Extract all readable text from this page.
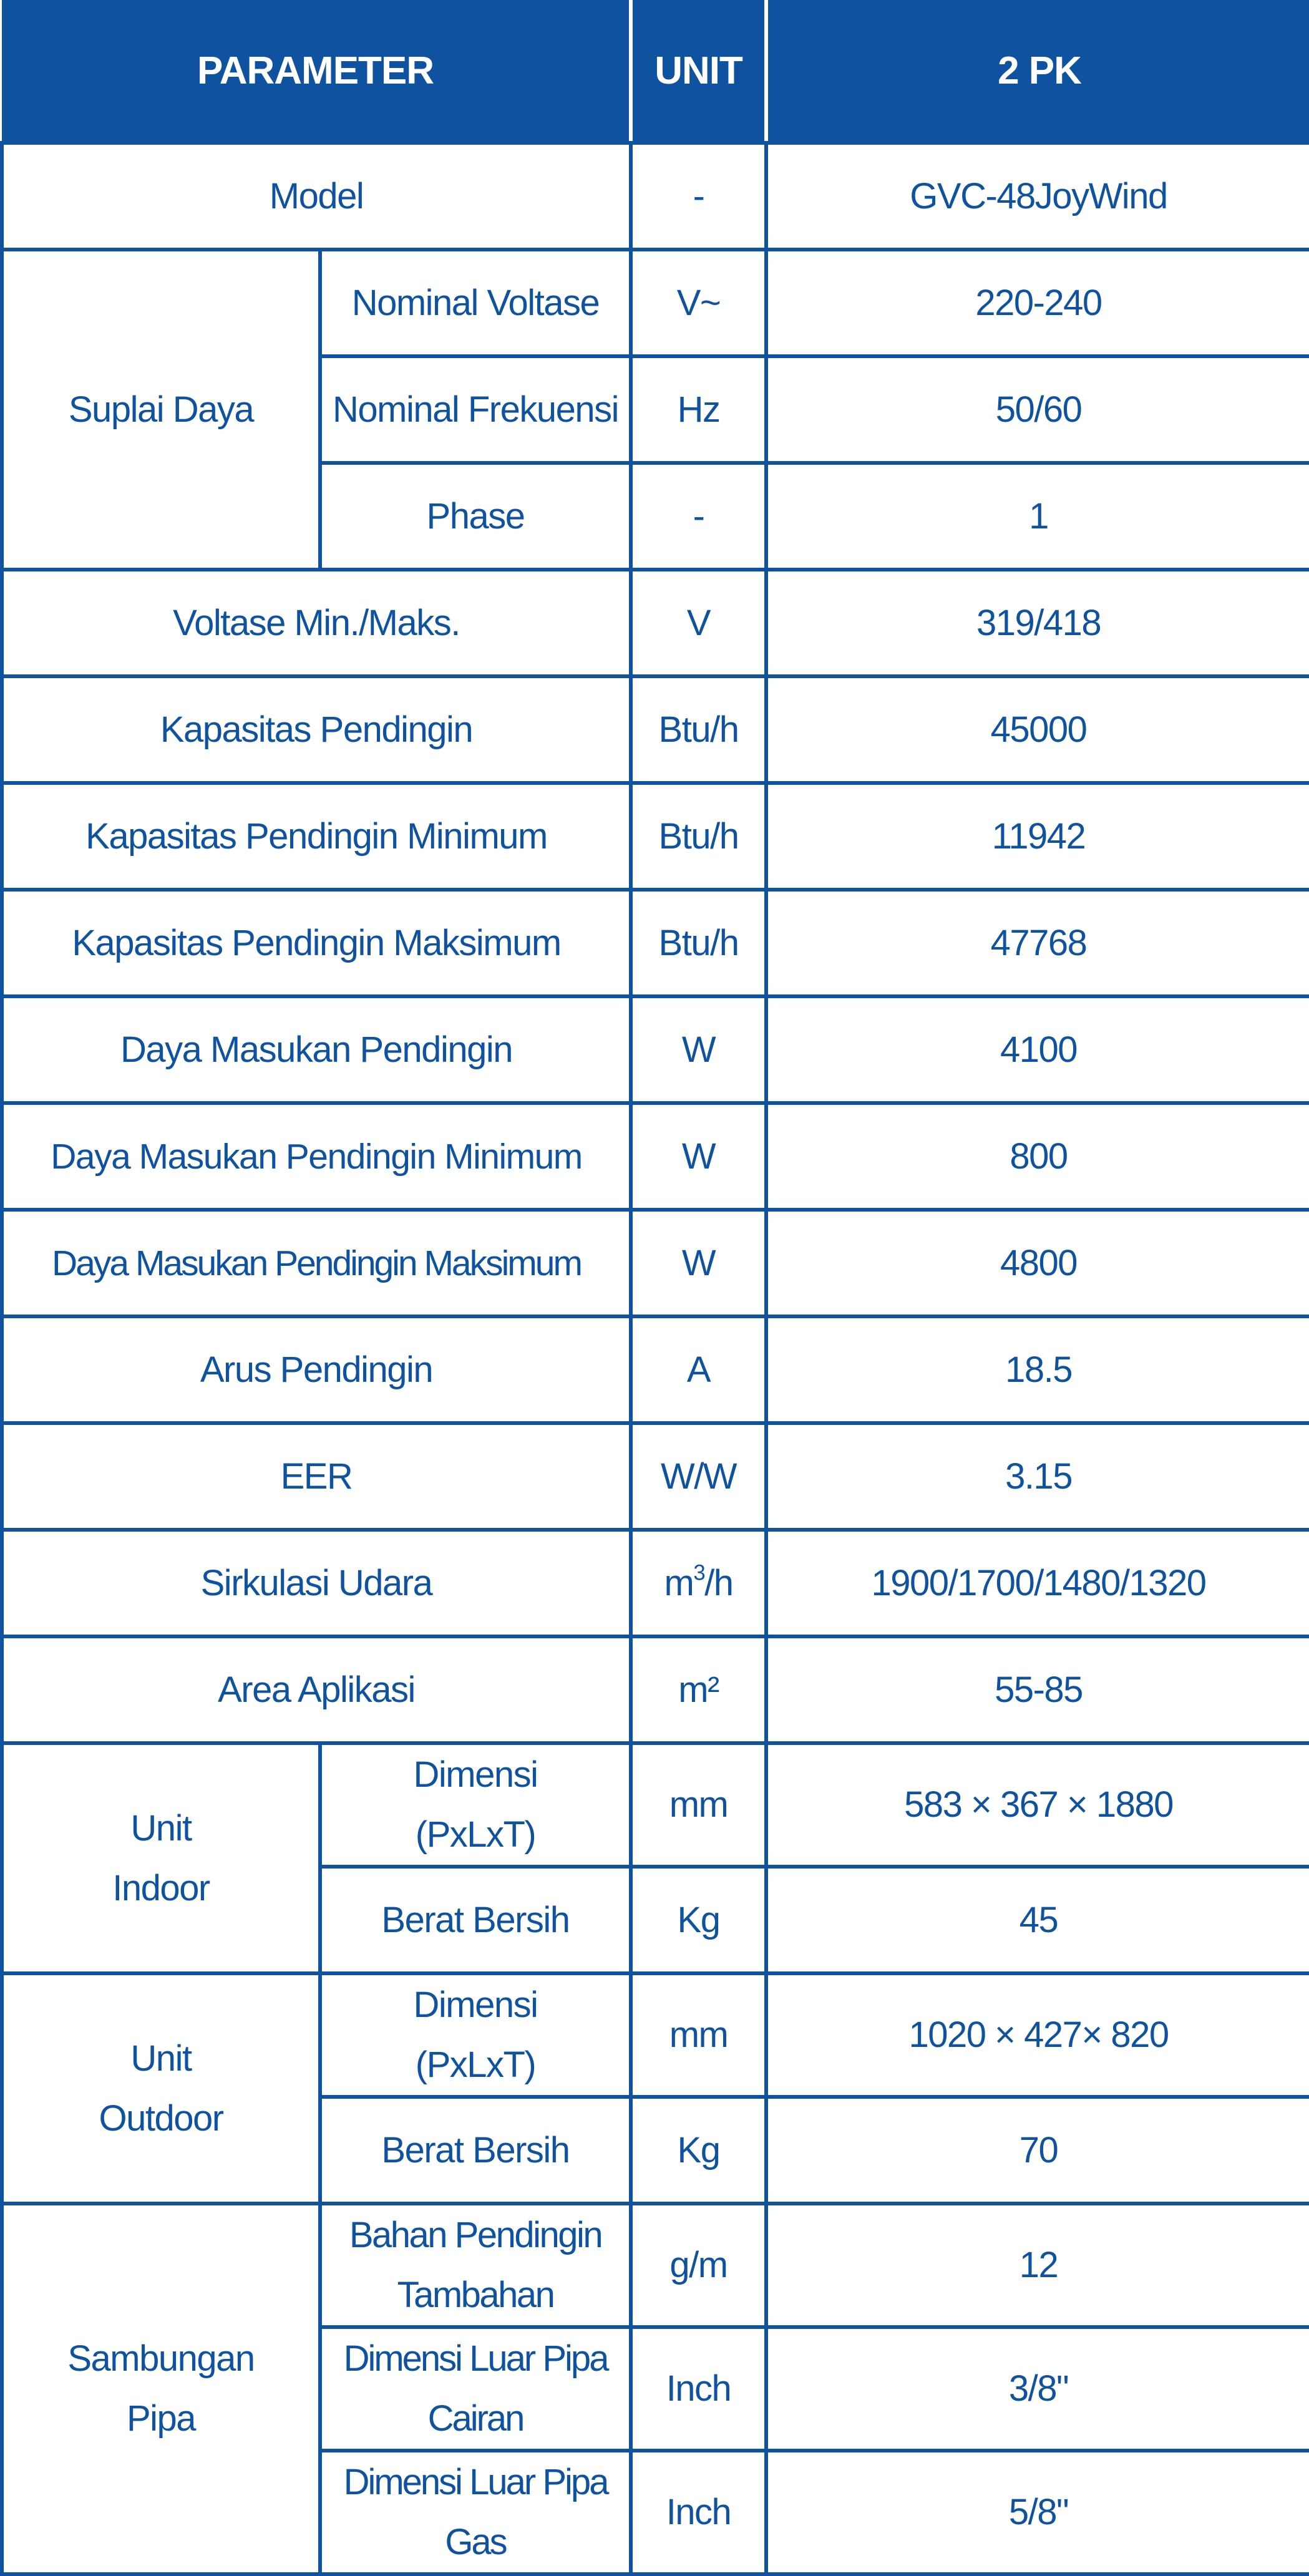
PARAMETER		UNIT	2 PK
Model		-	GVC-48JoyWind
Suplai Daya	Nominal Voltase	V~	220-240
	Nominal Frekuensi	Hz	50/60
	Phase	-	1
Voltase Min./Maks.		V	319/418
Kapasitas Pendingin		Btu/h	45000
Kapasitas Pendingin Minimum		Btu/h	11942
Kapasitas Pendingin Maksimum		Btu/h	47768
Daya Masukan Pendingin		W	4100
Daya Masukan Pendingin Minimum		W	800
Daya Masukan Pendingin Maksimum		W	4800
Arus Pendingin		A	18.5
EER		W/W	3.15
Sirkulasi Udara		$m^3/h$	1900/1700/1480/1320
Area Aplikasi		m²	55-85
Unit Indoor	Dimensi (PxLxT)	mm	583 × 367 × 1880
	Berat Bersih	Kg	45
Unit Outdoor	Dimensi (PxLxT)	mm	1020 × 427× 820
	Berat Bersih	Kg	70
Sambungan Pipa	Bahan Pendingin Tambahan	g/m	12
	Dimensi Luar Pipa Cairan	Inch	3/8"
	Dimensi Luar Pipa Gas	Inch	5/8"
